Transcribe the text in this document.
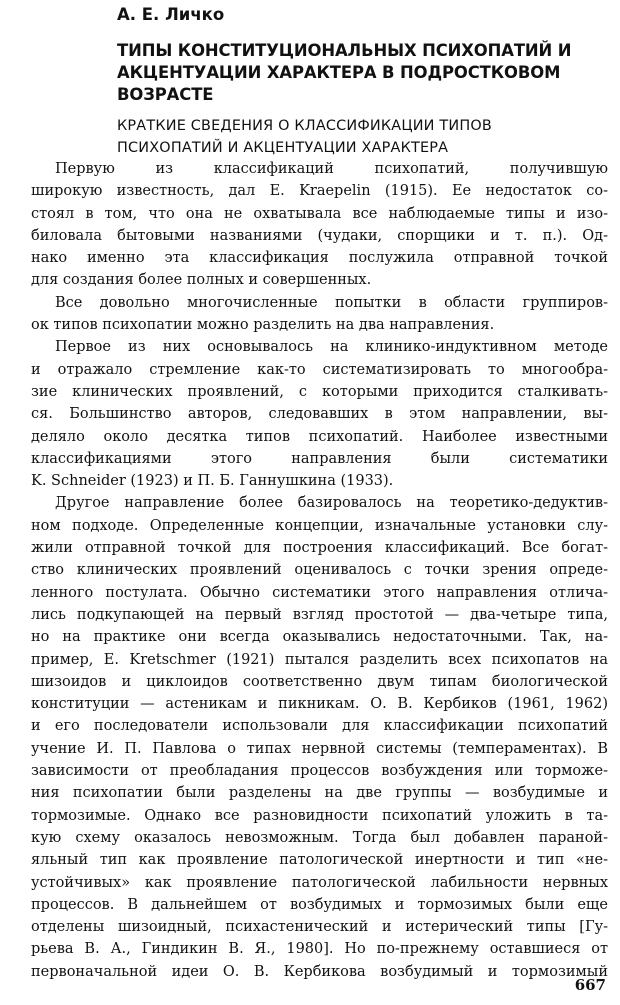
А. Е. Личко
ТИПЫ КОНСТИТУЦИОНАЛЬНЫХ ПСИХОПАТИЙ И
АКЦЕНТУАЦИИ ХАРАКТЕРА В ПОДРОСТКОВОМ
ВОЗРАСТЕ
КРАТКИЕ СВЕДЕНИЯ О КЛАССИФИКАЦИИ ТИПОВ
ПСИХОПАТИЙ И АКЦЕНТУАЦИИ ХАРАКТЕРА
Первую из классификаций психопатий, получившую
широкую известность, дал Е. Kraepelin (1915). Ее недостаток со-
стоял в том, что она не охватывала все наблюдаемые типы и изо-
биловала бытовыми названиями (чудаки, спорщики и т. п.). Од-
нако именно эта классификация послужила отправной точкой
для создания более полных и совершенных.
Все довольно многочисленные попытки в области группиров-
ок типов психопатии можно разделить на два направления.
Первое из них основывалось на клинико-индуктивном методе
и отражало стремление как-то систематизировать то многообра-
зие клинических проявлений, с которыми приходится сталкивать-
ся. Большинство авторов, следовавших в этом направлении, вы-
деляло около десятка типов психопатий. Наиболее известными
классификациями этого направления были систематики
K. Schneider (1923) и П. Б. Ганнушкина (1933).
Другое направление более базировалось на теоретико-дедуктив-
ном подходе. Определенные концепции, изначальные установки слу-
жили отправной точкой для построения классификаций. Все богат-
ство клинических проявлений оценивалось с точки зрения опреде-
ленного постулата. Обычно систематики этого направления отлича-
лись подкупающей на первый взгляд простотой — два-четыре типа,
но на практике они всегда оказывались недостаточными. Так, на-
пример, Е. Kretschmer (1921) пытался разделить всех психопатов на
шизоидов и циклоидов соответственно двум типам биологической
конституции — астеникам и пикникам. О. В. Кербиков (1961, 1962)
и его последователи использовали для классификации психопатий
учение И. П. Павлова о типах нервной системы (темпераментах). В
зависимости от преобладания процессов возбуждения или торможе-
ния психопатии были разделены на две группы — возбудимые и
тормозимые. Однако все разновидности психопатий уложить в та-
кую схему оказалось невозможным. Тогда был добавлен параной-
яльный тип как проявление патологической инертности и тип «не-
устойчивых» как проявление патологической лабильности нервных
процессов. В дальнейшем от возбудимых и тормозимых были еще
отделены шизоидный, психастенический и истерический типы [Гу-
рьева В. А., Гиндикин В. Я., 1980]. Но по-прежнему оставшиеся от
первоначальной идеи О. В. Кербикова возбудимый и тормозимый
667
